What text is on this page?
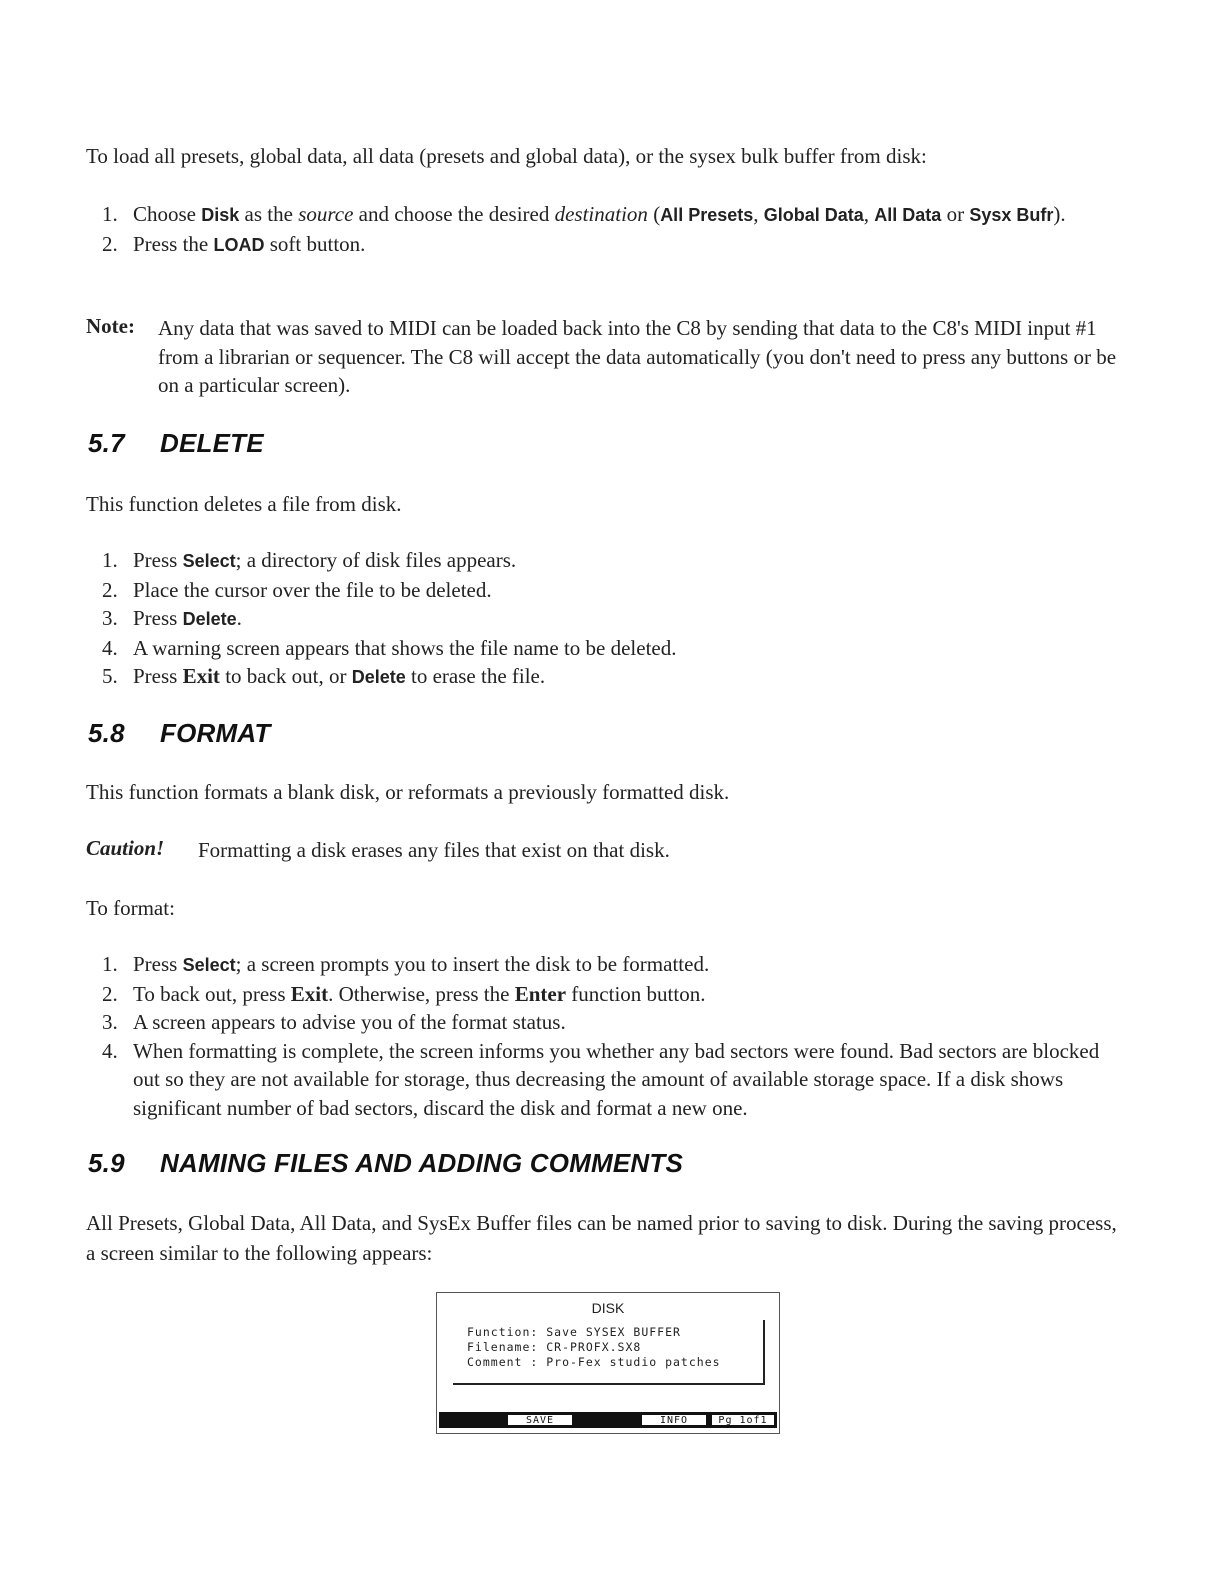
To load all presets, global data, all data (presets and global data), or the sysex bulk buffer from disk:

1. Choose Disk as the source and choose the desired destination (All Presets, Global Data, All Data or Sysx Bufr).
2. Press the LOAD soft button.
Note: Any data that was saved to MIDI can be loaded back into the C8 by sending that data to the C8's MIDI input #1 from a librarian or sequencer. The C8 will accept the data automatically (you don't need to press any buttons or be on a particular screen).

5.7 DELETE

This function deletes a file from disk.

1. Press Select; a directory of disk files appears.
2. Place the cursor over the file to be deleted.
3. Press Delete.
4. A warning screen appears that shows the file name to be deleted.
5. Press Exit to back out, or Delete to erase the file.
5.8 FORMAT

This function formats a blank disk, or reformats a previously formatted disk.

Caution! Formatting a disk erases any files that exist on that disk.

To format:

1. Press Select; a screen prompts you to insert the disk to be formatted.
2. To back out, press Exit. Otherwise, press the Enter function button.
3. A screen appears to advise you of the format status.
4. When formatting is complete, the screen informs you whether any bad sectors were found. Bad sectors are blocked out so they are not available for storage, thus decreasing the amount of available storage space. If a disk shows significant number of bad sectors, discard the disk and format a new one.
5.9 NAMING FILES AND ADDING COMMENTS

All Presets, Global Data, All Data, and SysEx Buffer files can be named prior to saving to disk. During the saving process, a screen similar to the following appears:

DISK
Function: Save SYSEX BUFFER
Filename: CR-PROFX.SX8
Comment : Pro-Fex studio patches
SAVE	INFO	Pg 1of1
